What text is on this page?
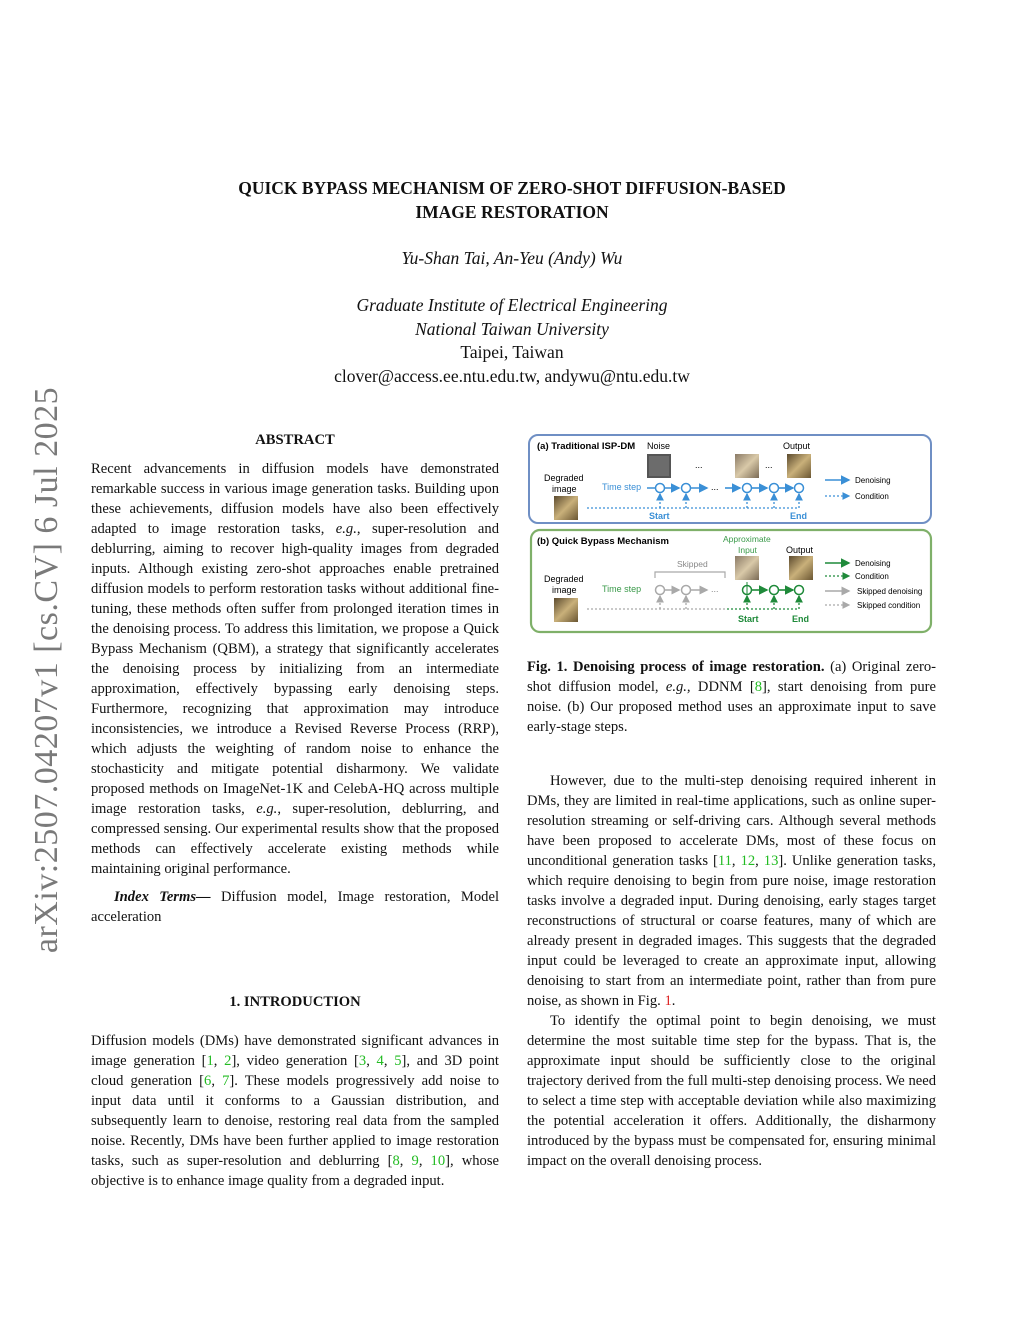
arXiv:2507.04207v1 [cs.CV] 6 Jul 2025
QUICK BYPASS MECHANISM OF ZERO-SHOT DIFFUSION-BASED
IMAGE RESTORATION
Yu-Shan Tai, An-Yeu (Andy) Wu
Graduate Institute of Electrical Engineering
National Taiwan University
Taipei, Taiwan
clover@access.ee.ntu.edu.tw, andywu@ntu.edu.tw
ABSTRACT

Recent advancements in diffusion models have demonstrated remarkable success in various image generation tasks. Building upon these achievements, diffusion models have also been effectively adapted to image restoration tasks, e.g., super-resolution and deblurring, aiming to recover high-quality images from degraded inputs. Although existing zero-shot approaches enable pretrained diffusion models to perform restoration tasks without additional fine-tuning, these methods often suffer from prolonged iteration times in the denoising process. To address this limitation, we propose a Quick Bypass Mechanism (QBM), a strategy that significantly accelerates the denoising process by initializing from an intermediate approximation, effectively bypassing early denoising steps. Furthermore, recognizing that approximation may introduce inconsistencies, we introduce a Revised Reverse Process (RRP), which adjusts the weighting of random noise to enhance the stochasticity and mitigate potential disharmony. We validate proposed methods on ImageNet-1K and CelebA-HQ across multiple image restoration tasks, e.g., super-resolution, deblurring, and compressed sensing. Our experimental results show that the proposed methods can effectively accelerate existing methods while maintaining original performance.

Index Terms— Diffusion model, Image restoration, Model acceleration

1. INTRODUCTION

Diffusion models (DMs) have demonstrated significant advances in image generation [1, 2], video generation [3, 4, 5], and 3D point cloud generation [6, 7]. These models progressively add noise to input data until it conforms to a Gaussian distribution, and subsequently learn to denoise, restoring real data from the sampled noise. Recently, DMs have been further applied to image restoration tasks, such as super-resolution and deblurring [8, 9, 10], whose objective is to enhance image quality from a degraded input.

(a) Traditional ISP-DM Noise	Output
...	...
Degraded
image	Time step	...
Start	End
Denoising
Condition
(b) Quick Bypass Mechanism	Approximate
Input	Output
Skipped
Degraded
image	Time step	...
Start	End
Denoising
Condition
Skipped denoising
Skipped condition

Fig. 1. Denoising process of image restoration. (a) Original zero-shot diffusion model, e.g., DDNM [8], start denoising from pure noise. (b) Our proposed method uses an approximate input to save early-stage steps.

However, due to the multi-step denoising required inherent in DMs, they are limited in real-time applications, such as online super-resolution streaming or self-driving cars. Although several methods have been proposed to accelerate DMs, most of these focus on unconditional generation tasks [11, 12, 13]. Unlike generation tasks, which require denoising to begin from pure noise, image restoration tasks involve a degraded input. During denoising, early stages target reconstructions of structural or coarse features, many of which are already present in degraded images. This suggests that the degraded input could be leveraged to create an approximate input, allowing denoising to start from an intermediate point, rather than from pure noise, as shown in Fig. 1.

To identify the optimal point to begin denoising, we must determine the most suitable time step for the bypass. That is, the approximate input should be sufficiently close to the original trajectory derived from the full multi-step denoising process. We need to select a time step with acceptable deviation while also maximizing the potential acceleration it offers. Additionally, the disharmony introduced by the bypass must be compensated for, ensuring minimal impact on the overall denoising process.
